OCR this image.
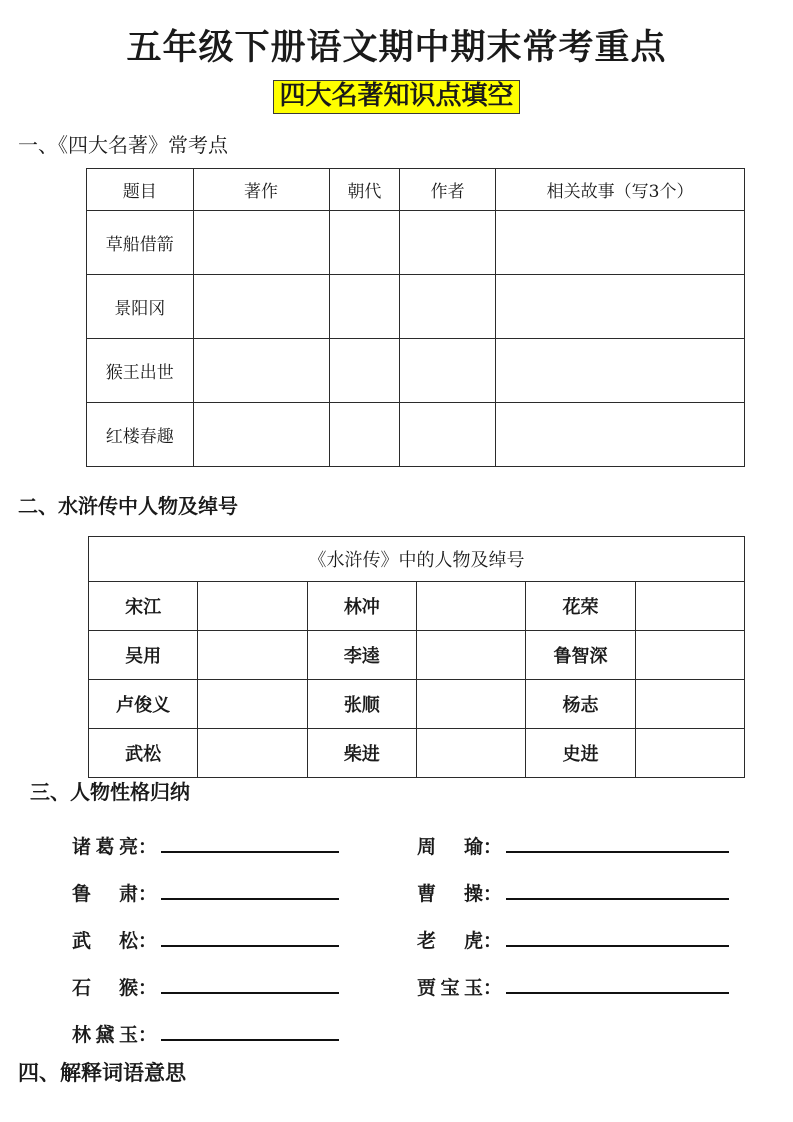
五年级下册语文期中期末常考重点
四大名著知识点填空
一、《四大名著》常考点
题目	著作	朝代	作者	相关故事（写3个）
草船借箭				
景阳冈				
猴王出世				
红楼春趣				
二、水浒传中人物及绰号
《水浒传》中的人物及绰号					
宋江		林冲		花荣	
吴用		李逵		鲁智深	
卢俊义		张顺		杨志	
武松		柴进		史进	
三、人物性格归纳
诸葛亮 ：	周 瑜 ：
鲁 肃 ：	曹 操 ：
武 松 ：	老 虎 ：
石 猴 ：	贾宝玉 ：
林黛玉 ：
四、解释词语意思
